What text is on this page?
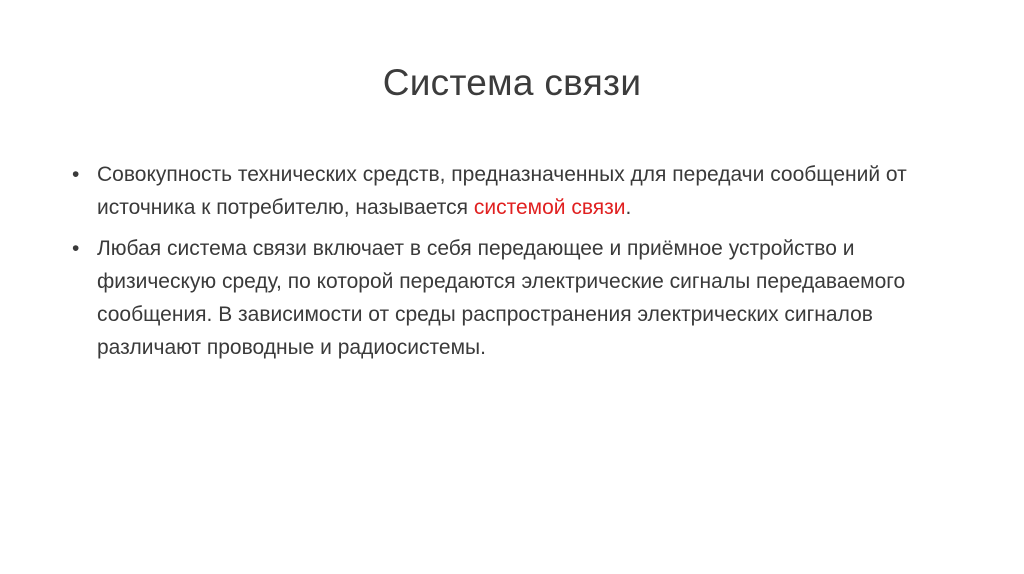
Система связи
• Совокупность технических средств, предназначенных для передачи сообщений от источника к потребителю, называется системой связи.
• Любая система связи включает в себя передающее и приёмное устройство и физическую среду, по которой передаются электрические сигналы передаваемого сообщения. В зависимости от среды распространения электрических сигналов различают проводные и радиосистемы.
